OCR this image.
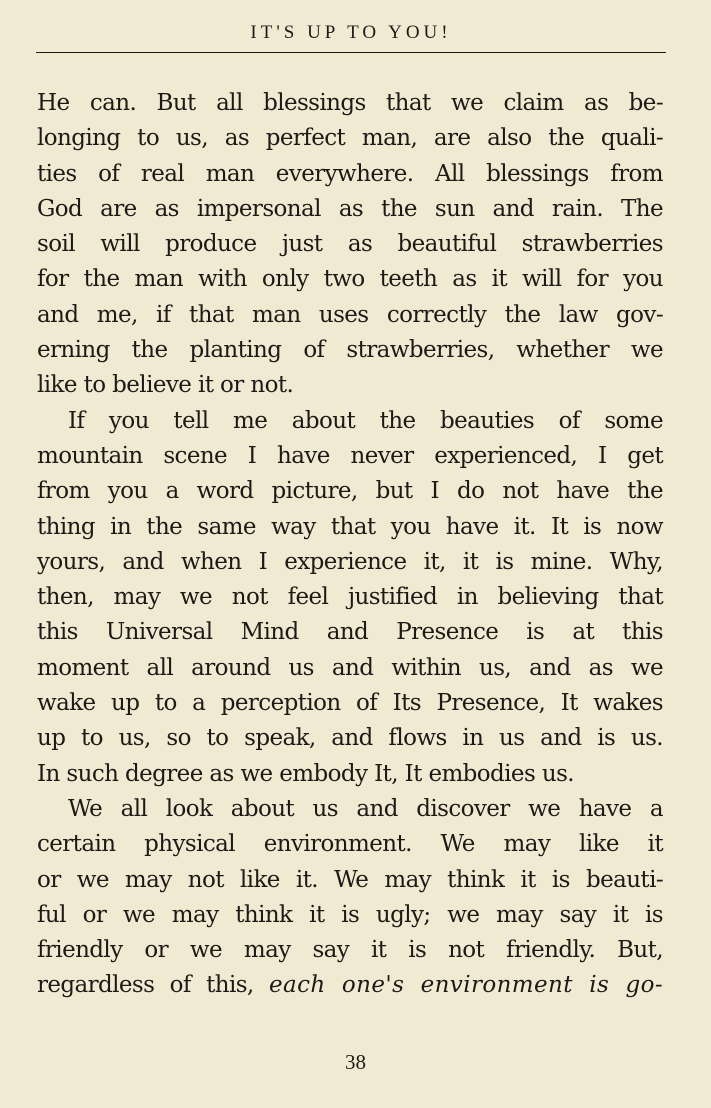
IT'S UP TO YOU!
He can. But all blessings that we claim as be-
longing to us, as perfect man, are also the quali-
ties of real man everywhere. All blessings from
God are as impersonal as the sun and rain. The
soil will produce just as beautiful strawberries
for the man with only two teeth as it will for you
and me, if that man uses correctly the law gov-
erning the planting of strawberries, whether we
like to believe it or not.
If you tell me about the beauties of some
mountain scene I have never experienced, I get
from you a word picture, but I do not have the
thing in the same way that you have it. It is now
yours, and when I experience it, it is mine. Why,
then, may we not feel justified in believing that
this Universal Mind and Presence is at this
moment all around us and within us, and as we
wake up to a perception of Its Presence, It wakes
up to us, so to speak, and flows in us and is us.
In such degree as we embody It, It embodies us.
We all look about us and discover we have a
certain physical environment. We may like it
or we may not like it. We may think it is beauti-
ful or we may think it is ugly; we may say it is
friendly or we may say it is not friendly. But,
regardless of this, each one's environment is go-
38
